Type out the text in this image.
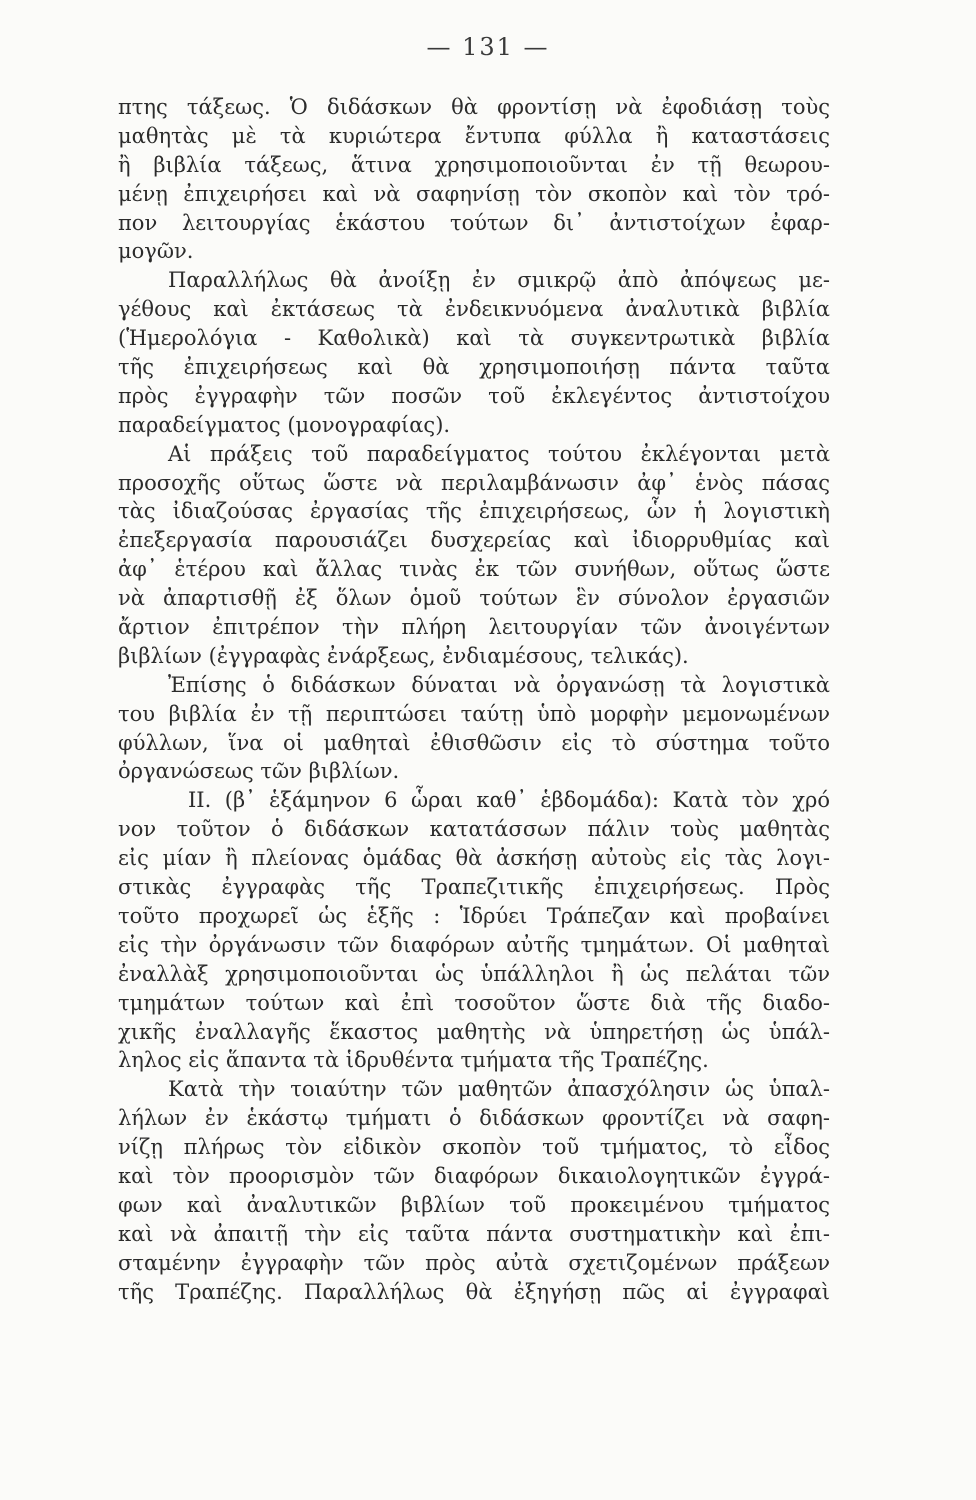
— 131 —
πτης τάξεως. Ὁ διδάσκων θὰ φροντίσῃ νὰ ἐφοδιάσῃ τοὺς
μαθητὰς μὲ τὰ κυριώτερα ἔντυπα φύλλα ἢ καταστάσεις
ἢ βιβλία τάξεως, ἅτινα χρησιμοποιοῦνται ἐν τῇ θεωρου-
μένῃ ἐπιχειρήσει καὶ νὰ σαφηνίσῃ τὸν σκοπὸν καὶ τὸν τρό-
πον λειτουργίας ἑκάστου τούτων δι᾽ ἀντιστοίχων ἐφαρ-
μογῶν.
Παραλλήλως θὰ ἀνοίξῃ ἐν σμικρῷ ἀπὸ ἀπόψεως με-
γέθους καὶ ἐκτάσεως τὰ ἐνδεικνυόμενα ἀναλυτικὰ βιβλία
(Ἡμερολόγια - Καθολικὰ) καὶ τὰ συγκεντρωτικὰ βιβλία
τῆς ἐπιχειρήσεως καὶ θὰ χρησιμοποιήσῃ πάντα ταῦτα
πρὸς ἐγγραφὴν τῶν ποσῶν τοῦ ἐκλεγέντος ἀντιστοίχου
παραδείγματος (μονογραφίας).
Αἱ πράξεις τοῦ παραδείγματος τούτου ἐκλέγονται μετὰ
προσοχῆς οὕτως ὥστε νὰ περιλαμβάνωσιν ἀφ᾽ ἑνὸς πάσας
τὰς ἰδιαζούσας ἐργασίας τῆς ἐπιχειρήσεως, ὧν ἡ λογιστικὴ
ἐπεξεργασία παρουσιάζει δυσχερείας καὶ ἰδιορρυθμίας καὶ
ἀφ᾽ ἑτέρου καὶ ἄλλας τινὰς ἐκ τῶν συνήθων, οὕτως ὥστε
νὰ ἀπαρτισθῇ ἐξ ὅλων ὁμοῦ τούτων ἓν σύνολον ἐργασιῶν
ἄρτιον ἐπιτρέπον τὴν πλήρη λειτουργίαν τῶν ἀνοιγέντων
βιβλίων (ἐγγραφὰς ἐνάρξεως, ἐνδιαμέσους, τελικάς).
Ἐπίσης ὁ διδάσκων δύναται νὰ ὀργανώσῃ τὰ λογιστικὰ
του βιβλία ἐν τῇ περιπτώσει ταύτῃ ὑπὸ μορφὴν μεμονωμένων
φύλλων, ἵνα οἱ μαθηταὶ ἐθισθῶσιν εἰς τὸ σύστημα τοῦτο
ὀργανώσεως τῶν βιβλίων.
II. (β᾽ ἑξάμηνον 6 ὧραι καθ᾽ ἑβδομάδα): Κατὰ τὸν χρό
νον τοῦτον ὁ διδάσκων κατατάσσων πάλιν τοὺς μαθητὰς
εἰς μίαν ἢ πλείονας ὁμάδας θὰ ἀσκήσῃ αὐτοὺς εἰς τὰς λογι-
στικὰς ἐγγραφὰς τῆς Τραπεζιτικῆς ἐπιχειρήσεως. Πρὸς
τοῦτο προχωρεῖ ὡς ἑξῆς : Ἱδρύει Τράπεζαν καὶ προβαίνει
εἰς τὴν ὀργάνωσιν τῶν διαφόρων αὐτῆς τμημάτων. Οἱ μαθηταὶ
ἐναλλὰξ χρησιμοποιοῦνται ὡς ὑπάλληλοι ἢ ὡς πελάται τῶν
τμημάτων τούτων καὶ ἐπὶ τοσοῦτον ὥστε διὰ τῆς διαδο-
χικῆς ἐναλλαγῆς ἕκαστος μαθητὴς νὰ ὑπηρετήσῃ ὡς ὑπάλ-
ληλος εἰς ἅπαντα τὰ ἱδρυθέντα τμήματα τῆς Τραπέζης.
Κατὰ τὴν τοιαύτην τῶν μαθητῶν ἀπασχόλησιν ὡς ὑπαλ-
λήλων ἐν ἑκάστῳ τμήματι ὁ διδάσκων φροντίζει νὰ σαφη-
νίζῃ πλήρως τὸν εἰδικὸν σκοπὸν τοῦ τμήματος, τὸ εἶδος
καὶ τὸν προορισμὸν τῶν διαφόρων δικαιολογητικῶν ἐγγρά-
φων καὶ ἀναλυτικῶν βιβλίων τοῦ προκειμένου τμήματος
καὶ νὰ ἀπαιτῇ τὴν εἰς ταῦτα πάντα συστηματικὴν καὶ ἐπι-
σταμένην ἐγγραφὴν τῶν πρὸς αὐτὰ σχετιζομένων πράξεων
τῆς Τραπέζης. Παραλλήλως θὰ ἐξηγήσῃ πῶς αἱ ἐγγραφαὶ
